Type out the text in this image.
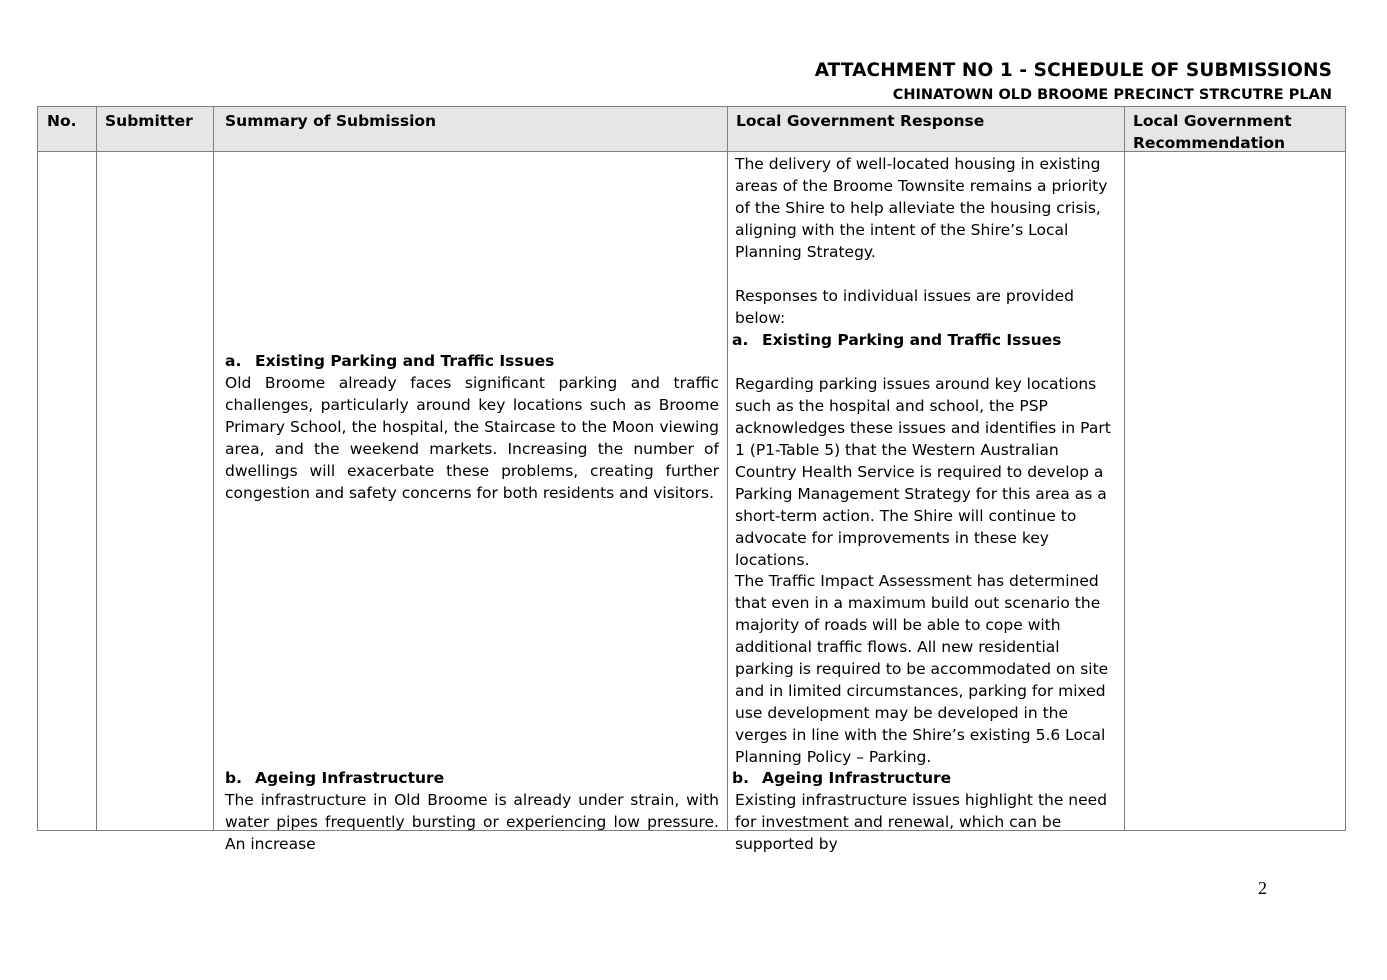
ATTACHMENT NO 1 - SCHEDULE OF SUBMISSIONS
CHINATOWN OLD BROOME PRECINCT STRCUTRE PLAN
No. Submitter Summary of Submission	Local Government Response	Local Government Recommendation

a. Existing Parking and Traffic Issues

Old Broome already faces significant parking and traffic challenges, particularly around key locations such as Broome Primary School, the hospital, the Staircase to the Moon viewing area, and the weekend markets. Increasing the number of dwellings will exacerbate these problems, creating further congestion and safety concerns for both residents and visitors.

b. Ageing Infrastructure

The infrastructure in Old Broome is already under strain, with water pipes frequently bursting or experiencing low pressure. An increase

The delivery of well-located housing in existing areas of the Broome Townsite remains a priority of the Shire to help alleviate the housing crisis, aligning with the intent of the Shire’s Local Planning Strategy.
Responses to individual issues are provided below:
a. Existing Parking and Traffic Issues
Regarding parking issues around key locations such as the hospital and school, the PSP acknowledges these issues and identifies in Part 1 (P1-Table 5) that the Western Australian Country Health Service is required to develop a Parking Management Strategy for this area as a short-term action. The Shire will continue to advocate for improvements in these key locations.
The Traffic Impact Assessment has determined that even in a maximum build out scenario the majority of roads will be able to cope with additional traffic flows. All new residential parking is required to be accommodated on site and in limited circumstances, parking for mixed use development may be developed in the verges in line with the Shire’s existing 5.6 Local Planning Policy – Parking.
b. Ageing Infrastructure
Existing infrastructure issues highlight the need for investment and renewal, which can be supported by
2
